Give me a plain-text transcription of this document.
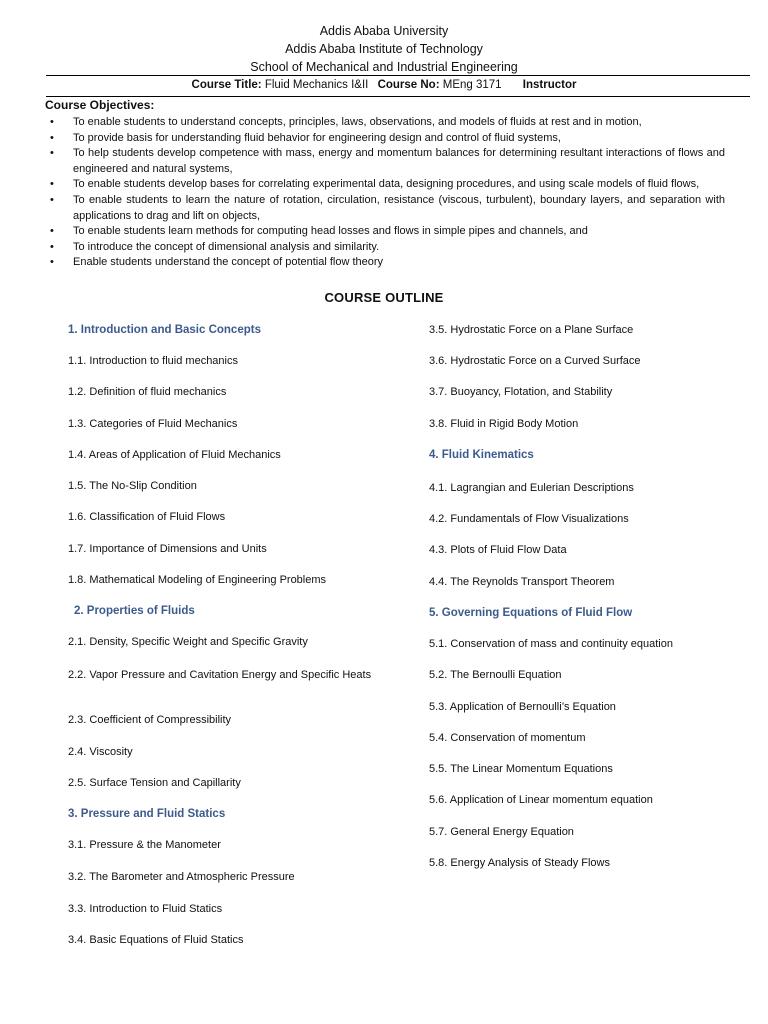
Addis Ababa University
Addis Ababa Institute of Technology
School of Mechanical and Industrial Engineering
Course Title: Fluid Mechanics I&II Course No: MEng 3171 Instructor
Course Objectives:
• To enable students to understand concepts, principles, laws, observations, and models of fluids at rest and in motion,
• To provide basis for understanding fluid behavior for engineering design and control of fluid systems,
• To help students develop competence with mass, energy and momentum balances for determining resultant interactions of flows and engineered and natural systems,
• To enable students develop bases for correlating experimental data, designing procedures, and using scale models of fluid flows,
• To enable students to learn the nature of rotation, circulation, resistance (viscous, turbulent), boundary layers, and separation with applications to drag and lift on objects,
• To enable students learn methods for computing head losses and flows in simple pipes and channels, and
• To introduce the concept of dimensional analysis and similarity.
• Enable students understand the concept of potential flow theory
COURSE OUTLINE
1. Introduction and Basic Concepts
1.1. Introduction to fluid mechanics
1.2. Definition of fluid mechanics
1.3. Categories of Fluid Mechanics
1.4. Areas of Application of Fluid Mechanics
1.5. The No-Slip Condition
1.6. Classification of Fluid Flows
1.7. Importance of Dimensions and Units
1.8. Mathematical Modeling of Engineering Problems
2. Properties of Fluids
2.1. Density, Specific Weight and Specific Gravity
2.2. Vapor Pressure and Cavitation Energy and Specific Heats
2.3. Coefficient of Compressibility
2.4. Viscosity
2.5. Surface Tension and Capillarity
3. Pressure and Fluid Statics
3.1. Pressure & the Manometer
3.2. The Barometer and Atmospheric Pressure
3.3. Introduction to Fluid Statics
3.4. Basic Equations of Fluid Statics
3.5. Hydrostatic Force on a Plane Surface
3.6. Hydrostatic Force on a Curved Surface
3.7. Buoyancy, Flotation, and Stability
3.8. Fluid in Rigid Body Motion
4. Fluid Kinematics
4.1. Lagrangian and Eulerian Descriptions
4.2. Fundamentals of Flow Visualizations
4.3. Plots of Fluid Flow Data
4.4. The Reynolds Transport Theorem
5. Governing Equations of Fluid Flow
5.1. Conservation of mass and continuity equation
5.2. The Bernoulli Equation
5.3. Application of Bernoulli’s Equation
5.4. Conservation of momentum
5.5. The Linear Momentum Equations
5.6. Application of Linear momentum equation
5.7. General Energy Equation
5.8. Energy Analysis of Steady Flows
